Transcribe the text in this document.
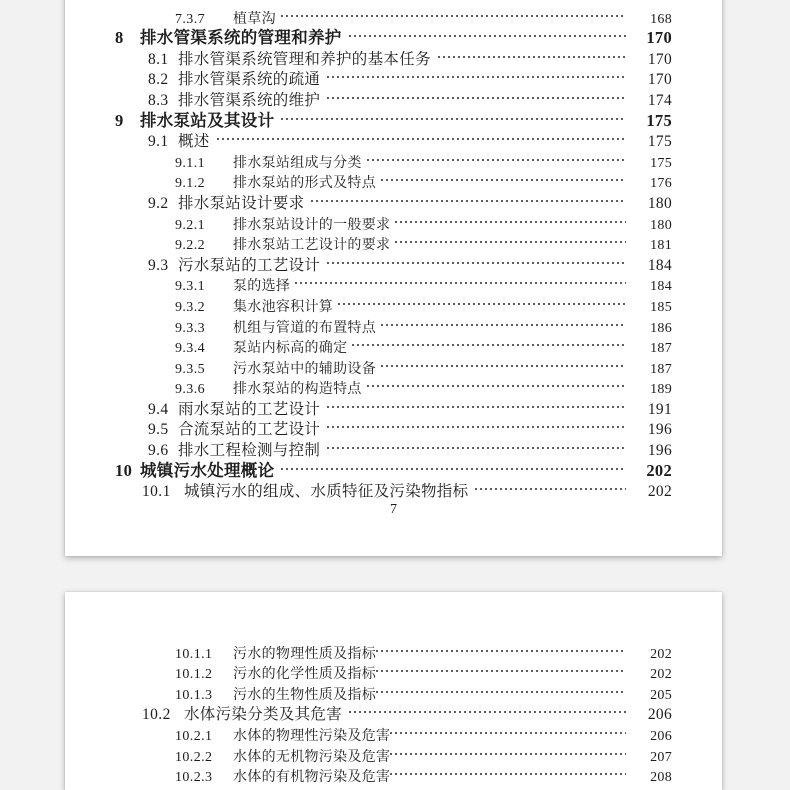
7.3.7	植草沟	168
8 排水管渠系统的管理和养护	170
8.1 排水管渠系统管理和养护的基本任务	170
8.2 排水管渠系统的疏通	170
8.3 排水管渠系统的维护	174
9 排水泵站及其设计	175
9.1 概述	175
9.1.1	排水泵站组成与分类	175
9.1.2	排水泵站的形式及特点	176
9.2 排水泵站设计要求	180
9.2.1	排水泵站设计的一般要求	180
9.2.2	排水泵站工艺设计的要求	181
9.3 污水泵站的工艺设计	184
9.3.1	泵的选择	184
9.3.2	集水池容积计算	185
9.3.3	机组与管道的布置特点	186
9.3.4	泵站内标高的确定	187
9.3.5	污水泵站中的辅助设备	187
9.3.6	排水泵站的构造特点	189
9.4 雨水泵站的工艺设计	191
9.5 合流泵站的工艺设计	196
9.6 排水工程检测与控制	196
10 城镇污水处理概论	202
10.1 城镇污水的组成、水质特征及污染物指标	202
7
10.1.1	污水的物理性质及指标	202
10.1.2	污水的化学性质及指标	202
10.1.3	污水的生物性质及指标	205
10.2 水体污染分类及其危害	206
10.2.1	水体的物理性污染及危害	206
10.2.2	水体的无机物污染及危害	207
10.2.3	水体的有机物污染及危害	208
